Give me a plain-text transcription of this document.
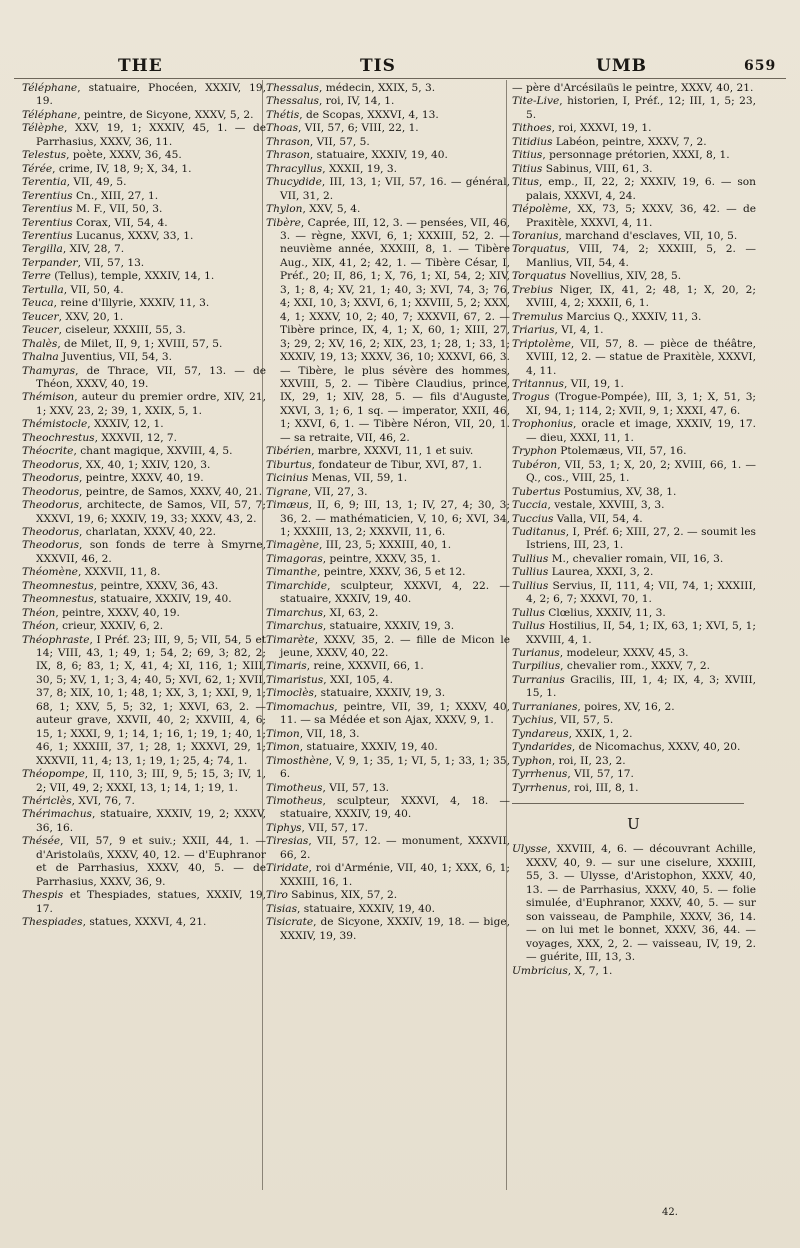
THE	TIS	UMB	659

Téléphane, statuaire, Phocéen, XXXIV, 19, 19.

Téléphane, peintre, de Sicyone, XXXV, 5, 2.

Télèphe, XXV, 19, 1; XXXIV, 45, 1. — de Parrhasius, XXXV, 36, 11.

Telestus, poète, XXXV, 36, 45.

Térée, crime, IV, 18, 9; X, 34, 1.

Terentia, VII, 49, 5.

Terentius Cn., XIII, 27, 1.

Terentius M. F., VII, 50, 3.

Terentius Corax, VII, 54, 4.

Terentius Lucanus, XXXV, 33, 1.

Tergilla, XIV, 28, 7.

Terpander, VII, 57, 13.

Terre (Tellus), temple, XXXIV, 14, 1.

Tertulla, VII, 50, 4.

Teuca, reine d'Illyrie, XXXIV, 11, 3.

Teucer, XXV, 20, 1.

Teucer, ciseleur, XXXIII, 55, 3.

Thalès, de Milet, II, 9, 1; XVIII, 57, 5.

Thalna Juventius, VII, 54, 3.

Thamyras, de Thrace, VII, 57, 13. — de Théon, XXXV, 40, 19.

Thémison, auteur du premier ordre, XIV, 21, 1; XXV, 23, 2; 39, 1, XXIX, 5, 1.

Thémistocle, XXXIV, 12, 1.

Theochrestus, XXXVII, 12, 7.

Théocrite, chant magique, XXVIII, 4, 5.

Theodorus, XX, 40, 1; XXIV, 120, 3.

Theodorus, peintre, XXXV, 40, 19.

Theodorus, peintre, de Samos, XXXV, 40, 21.

Theodorus, architecte, de Samos, VII, 57, 7; XXXVI, 19, 6; XXXIV, 19, 33; XXXV, 43, 2.

Theodorus, charlatan, XXXV, 40, 22.

Theodorus, son fonds de terre à Smyrne, XXXVII, 46, 2.

Théomène, XXXVII, 11, 8.

Theomnestus, peintre, XXXV, 36, 43.

Theomnestus, statuaire, XXXIV, 19, 40.

Théon, peintre, XXXV, 40, 19.

Théon, crieur, XXXIV, 6, 2.

Théophraste, I Préf. 23; III, 9, 5; VII, 54, 5 et 14; VIII, 43, 1; 49, 1; 54, 2; 69, 3; 82, 2; IX, 8, 6; 83, 1; X, 41, 4; XI, 116, 1; XIII, 30, 5; XV, 1, 1; 3, 4; 40, 5; XVI, 62, 1; XVII, 37, 8; XIX, 10, 1; 48, 1; XX, 3, 1; XXI, 9, 1; 68, 1; XXV, 5, 5; 32, 1; XXVI, 63, 2. — auteur grave, XXVII, 40, 2; XXVIII, 4, 6; 15, 1; XXXI, 9, 1; 14, 1; 16, 1; 19, 1; 40, 1; 46, 1; XXXIII, 37, 1; 28, 1; XXXVI, 29, 1; XXXVII, 11, 4; 13, 1; 19, 1; 25, 4; 74, 1.

Théopompe, II, 110, 3; III, 9, 5; 15, 3; IV, 1, 2; VII, 49, 2; XXXI, 13, 1; 14, 1; 19, 1.

Thériclès, XVI, 76, 7.

Thérimachus, statuaire, XXXIV, 19, 2; XXXV, 36, 16.

Thésée, VII, 57, 9 et suiv.; XXII, 44, 1. — d'Aristolaüs, XXXV, 40, 12. — d'Euphranor et de Parrhasius, XXXV, 40, 5. — de Parrhasius, XXXV, 36, 9.

Thespis et Thespiades, statues, XXXIV, 19, 17.

Thespiades, statues, XXXVI, 4, 21.

Thessalus, médecin, XXIX, 5, 3.

Thessalus, roi, IV, 14, 1.

Thétis, de Scopas, XXXVI, 4, 13.

Thoas, VII, 57, 6; VIII, 22, 1.

Thrason, VII, 57, 5.

Thrason, statuaire, XXXIV, 19, 40.

Thracyllus, XXXII, 19, 3.

Thucydide, III, 13, 1; VII, 57, 16. — général, VII, 31, 2.

Thylon, XXV, 5, 4.

Tibère, Caprée, III, 12, 3. — pensées, VII, 46, 3. — règne, XXVI, 6, 1; XXXIII, 52, 2. — neuvième année, XXXIII, 8, 1. — Tibère Aug., XIX, 41, 2; 42, 1. — Tibère César, I, Préf., 20; II, 86, 1; X, 76, 1; XI, 54, 2; XIV, 3, 1; 8, 4; XV, 21, 1; 40, 3; XVI, 74, 3; 76, 4; XXI, 10, 3; XXVI, 6, 1; XXVIII, 5, 2; XXX, 4, 1; XXXV, 10, 2; 40, 7; XXXVII, 67, 2. — Tibère prince, IX, 4, 1; X, 60, 1; XIII, 27, 3; 29, 2; XV, 16, 2; XIX, 23, 1; 28, 1; 33, 1; XXXIV, 19, 13; XXXV, 36, 10; XXXVI, 66, 3. — Tibère, le plus sévère des hommes, XXVIII, 5, 2. — Tibère Claudius, prince, IX, 29, 1; XIV, 28, 5. — fils d'Auguste, XXVI, 3, 1; 6, 1 sq. — imperator, XXII, 46, 1; XXVI, 6, 1. — Tibère Néron, VII, 20, 1. — sa retraite, VII, 46, 2.

Tibérien, marbre, XXXVI, 11, 1 et suiv.

Tiburtus, fondateur de Tibur, XVI, 87, 1.

Ticinius Menas, VII, 59, 1.

Tigrane, VII, 27, 3.

Timæus, II, 6, 9; III, 13, 1; IV, 27, 4; 30, 3; 36, 2. — mathématicien, V, 10, 6; XVI, 34, 1; XXXIII, 13, 2; XXXVII, 11, 6.

Timagène, III, 23, 5; XXXIII, 40, 1.

Timagoras, peintre, XXXV, 35, 1.

Timanthe, peintre, XXXV, 36, 5 et 12.

Timarchide, sculpteur, XXXVI, 4, 22. — statuaire, XXXIV, 19, 40.

Timarchus, XI, 63, 2.

Timarchus, statuaire, XXXIV, 19, 3.

Timarète, XXXV, 35, 2. — fille de Micon le jeune, XXXV, 40, 22.

Timaris, reine, XXXVII, 66, 1.

Timaristus, XXI, 105, 4.

Timoclès, statuaire, XXXIV, 19, 3.

Timomachus, peintre, VII, 39, 1; XXXV, 40, 11. — sa Médée et son Ajax, XXXV, 9, 1.

Timon, VII, 18, 3.

Timon, statuaire, XXXIV, 19, 40.

Timosthène, V, 9, 1; 35, 1; VI, 5, 1; 33, 1; 35, 6.

Timotheus, VII, 57, 13.

Timotheus, sculpteur, XXXVI, 4, 18. — statuaire, XXXIV, 19, 40.

Tiphys, VII, 57, 17.

Tiresias, VII, 57, 12. — monument, XXXVII, 66, 2.

Tiridate, roi d'Arménie, VII, 40, 1; XXX, 6, 1; XXXIII, 16, 1.

Tiro Sabinus, XIX, 57, 2.

Tisias, statuaire, XXXIV, 19, 40.

Tisicrate, de Sicyone, XXXIV, 19, 18. — bige, XXXIV, 19, 39.

— père d'Arcésilaüs le peintre, XXXV, 40, 21.

Tite-Live, historien, I, Préf., 12; III, 1, 5; 23, 5.

Tithoes, roi, XXXVI, 19, 1.

Titidius Labéon, peintre, XXXV, 7, 2.

Titius, personnage prétorien, XXXI, 8, 1.

Titius Sabinus, VIII, 61, 3.

Titus, emp., II, 22, 2; XXXIV, 19, 6. — son palais, XXXVI, 4, 24.

Tlépolème, XX, 73, 5; XXXV, 36, 42. — de Praxitèle, XXXVI, 4, 11.

Toranius, marchand d'esclaves, VII, 10, 5.

Torquatus, VIII, 74, 2; XXXIII, 5, 2. — Manlius, VII, 54, 4.

Torquatus Novellius, XIV, 28, 5.

Trebius Niger, IX, 41, 2; 48, 1; X, 20, 2; XVIII, 4, 2; XXXII, 6, 1.

Tremulus Marcius Q., XXXIV, 11, 3.

Triarius, VI, 4, 1.

Triptolème, VII, 57, 8. — pièce de théâtre, XVIII, 12, 2. — statue de Praxitèle, XXXVI, 4, 11.

Tritannus, VII, 19, 1.

Trogus (Trogue-Pompée), III, 3, 1; X, 51, 3; XI, 94, 1; 114, 2; XVII, 9, 1; XXXI, 47, 6.

Trophonius, oracle et image, XXXIV, 19, 17. — dieu, XXXI, 11, 1.

Tryphon Ptolemæus, VII, 57, 16.

Tubéron, VII, 53, 1; X, 20, 2; XVIII, 66, 1. — Q., cos., VIII, 25, 1.

Tubertus Postumius, XV, 38, 1.

Tuccia, vestale, XXVIII, 3, 3.

Tuccius Valla, VII, 54, 4.

Tuditanus, I, Préf. 6; XIII, 27, 2. — soumit les Istriens, III, 23, 1.

Tullius M., chevalier romain, VII, 16, 3.

Tullius Laurea, XXXI, 3, 2.

Tullius Servius, II, 111, 4; VII, 74, 1; XXXIII, 4, 2; 6, 7; XXXVI, 70, 1.

Tullus Clœlius, XXXIV, 11, 3.

Tullus Hostilius, II, 54, 1; IX, 63, 1; XVI, 5, 1; XXVIII, 4, 1.

Turianus, modeleur, XXXV, 45, 3.

Turpilius, chevalier rom., XXXV, 7, 2.

Turranius Gracilis, III, 1, 4; IX, 4, 3; XVIII, 15, 1.

Turranianes, poires, XV, 16, 2.

Tychius, VII, 57, 5.

Tyndareus, XXIX, 1, 2.

Tyndarides, de Nicomachus, XXXV, 40, 20.

Typhon, roi, II, 23, 2.

Tyrrhenus, VII, 57, 17.

Tyrrhenus, roi, III, 8, 1.

U

Ulysse, XXVIII, 4, 6. — découvrant Achille, XXXV, 40, 9. — sur une ciselure, XXXIII, 55, 3. — Ulysse, d'Aristophon, XXXV, 40, 13. — de Parrhasius, XXXV, 40, 5. — folie simulée, d'Euphranor, XXXV, 40, 5. — sur son vaisseau, de Pamphile, XXXV, 36, 14. — on lui met le bonnet, XXXV, 36, 44. — voyages, XXX, 2, 2. — vaisseau, IV, 19, 2. — guérite, III, 13, 3.

Umbricius, X, 7, 1.

42.
